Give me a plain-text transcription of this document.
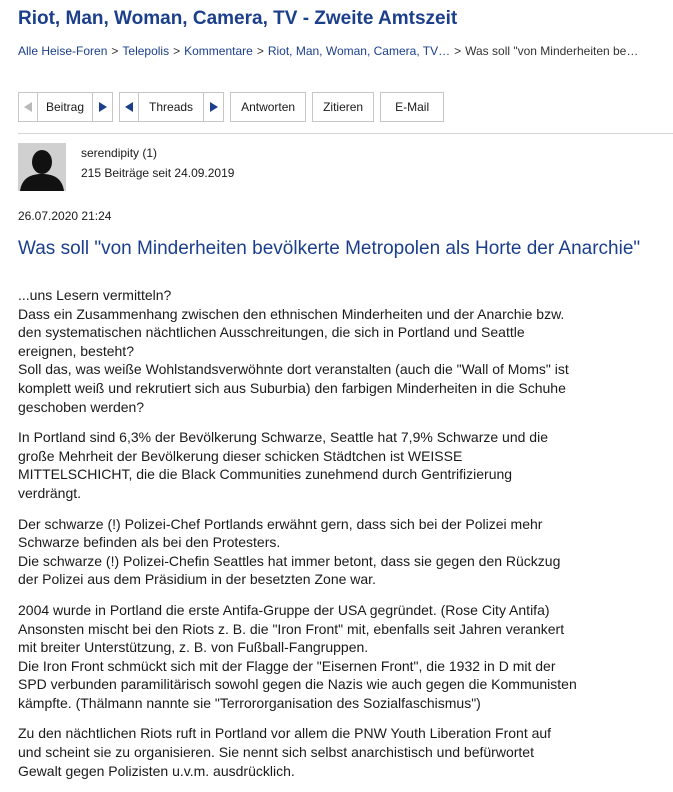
Riot, Man, Woman, Camera, TV - Zweite Amtszeit
Alle Heise-Foren > Telepolis > Kommentare > Riot, Man, Woman, Camera, TV… > Was soll "von Minderheiten be…
Beitrag	Threads	Antworten	Zitieren	E-Mail
serendipity (1)
215 Beiträge seit 24.09.2019
26.07.2020 21:24
Was soll "von Minderheiten bevölkerte Metropolen als Horte der Anarchie"

...uns Lesern vermitteln?
Dass ein Zusammenhang zwischen den ethnischen Minderheiten und der Anarchie bzw.
den systematischen nächtlichen Ausschreitungen, die sich in Portland und Seattle
ereignen, besteht?
Soll das, was weiße Wohlstandsverwöhnte dort veranstalten (auch die "Wall of Moms" ist
komplett weiß und rekrutiert sich aus Suburbia) den farbigen Minderheiten in die Schuhe
geschoben werden?

In Portland sind 6,3% der Bevölkerung Schwarze, Seattle hat 7,9% Schwarze und die
große Mehrheit der Bevölkerung dieser schicken Städtchen ist WEISSE
MITTELSCHICHT, die die Black Communities zunehmend durch Gentrifizierung
verdrängt.

Der schwarze (!) Polizei-Chef Portlands erwähnt gern, dass sich bei der Polizei mehr
Schwarze befinden als bei den Protesters.
Die schwarze (!) Polizei-Chefin Seattles hat immer betont, dass sie gegen den Rückzug
der Polizei aus dem Präsidium in der besetzten Zone war.

2004 wurde in Portland die erste Antifa-Gruppe der USA gegründet. (Rose City Antifa)
Ansonsten mischt bei den Riots z. B. die "Iron Front" mit, ebenfalls seit Jahren verankert
mit breiter Unterstützung, z. B. von Fußball-Fangruppen.
Die Iron Front schmückt sich mit der Flagge der "Eisernen Front", die 1932 in D mit der
SPD verbunden paramilitärisch sowohl gegen die Nazis wie auch gegen die Kommunisten
kämpfte. (Thälmann nannte sie "Terrororganisation des Sozialfaschismus")

Zu den nächtlichen Riots ruft in Portland vor allem die PNW Youth Liberation Front auf
und scheint sie zu organisieren. Sie nennt sich selbst anarchistisch und befürwortet
Gewalt gegen Polizisten u.v.m. ausdrücklich.
